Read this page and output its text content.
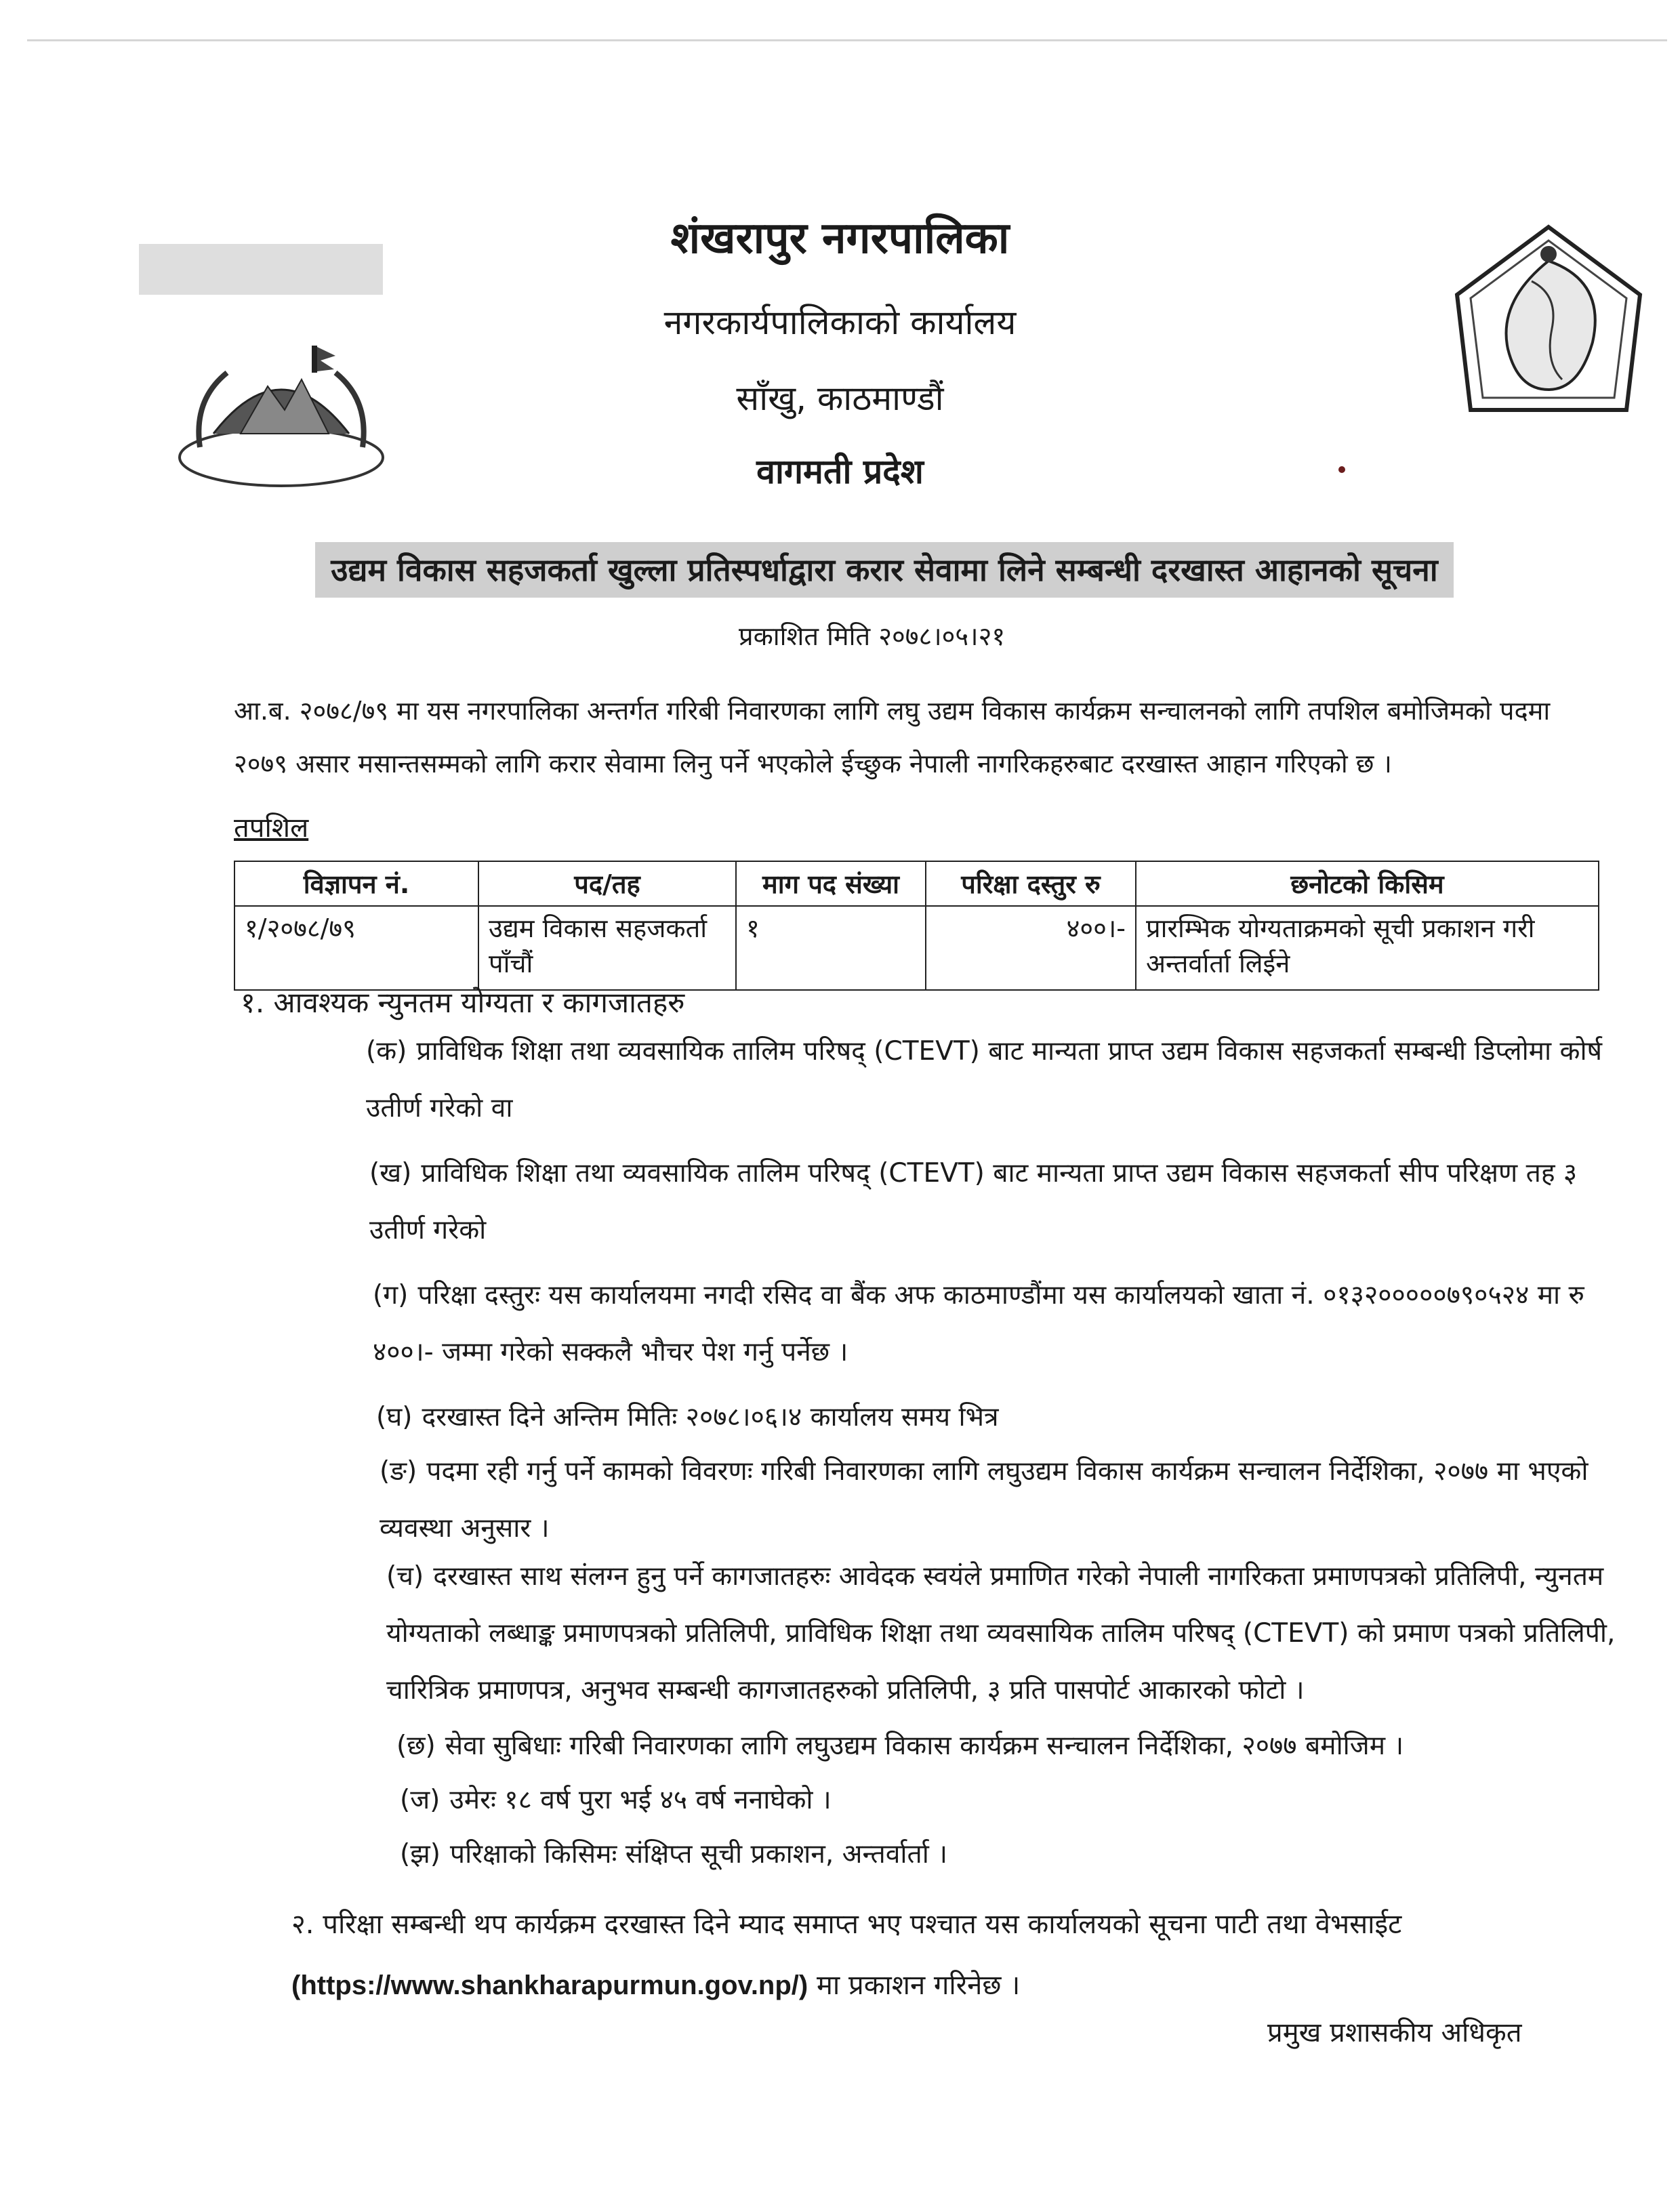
शंखरापुर नगरपालिका
नगरकार्यपालिकाको कार्यालय
साँखु, काठमाण्डौं
वागमती प्रदेश
उद्यम विकास सहजकर्ता खुल्ला प्रतिस्पर्धाद्वारा करार सेवामा लिने सम्बन्धी दरखास्त आहानको सूचना
प्रकाशित मिति २०७८।०५।२१
आ.ब. २०७८/७९ मा यस नगरपालिका अन्तर्गत गरिबी निवारणका लागि लघु उद्यम विकास कार्यक्रम सन्चालनको लागि तपशिल बमोजिमको पदमा २०७९ असार मसान्तसम्मको लागि करार सेवामा लिनु पर्ने भएकोले ईच्छुक नेपाली नागरिकहरुबाट दरखास्त आहान गरिएको छ ।
तपशिल
विज्ञापन नं.	पद/तह	माग पद संख्या	परिक्षा दस्तुर रु	छनोटको किसिम
१/२०७८/७९	उद्यम विकास सहजकर्ता पाँचौं	१	४००।-	प्रारम्भिक योग्यताक्रमको सूची प्रकाशन गरी अन्तर्वार्ता लिईने
१. आवश्यक न्युनतम योग्यता र कागजातहरु
(क) प्राविधिक शिक्षा तथा व्यवसायिक तालिम परिषद् (CTEVT) बाट मान्यता प्राप्त उद्यम विकास सहजकर्ता सम्बन्धी डिप्लोमा कोर्ष उतीर्ण गरेको वा
(ख) प्राविधिक शिक्षा तथा व्यवसायिक तालिम परिषद् (CTEVT) बाट मान्यता प्राप्त उद्यम विकास सहजकर्ता सीप परिक्षण तह ३ उतीर्ण गरेको
(ग) परिक्षा दस्तुरः यस कार्यालयमा नगदी रसिद वा बैंक अफ काठमाण्डौंमा यस कार्यालयको खाता नं. ०१३२०००००७९०५२४ मा रु ४००।- जम्मा गरेको सक्कलै भौचर पेश गर्नु पर्नेछ ।
(घ) दरखास्त दिने अन्तिम मितिः २०७८।०६।४ कार्यालय समय भित्र
(ङ) पदमा रही गर्नु पर्ने कामको विवरणः गरिबी निवारणका लागि लघुउद्यम विकास कार्यक्रम सन्चालन निर्देशिका, २०७७ मा भएको व्यवस्था अनुसार ।
(च) दरखास्त साथ संलग्न हुनु पर्ने कागजातहरुः आवेदक स्वयंले प्रमाणित गरेको नेपाली नागरिकता प्रमाणपत्रको प्रतिलिपी, न्युनतम योग्यताको लब्धाङ्क प्रमाणपत्रको प्रतिलिपी, प्राविधिक शिक्षा तथा व्यवसायिक तालिम परिषद् (CTEVT) को प्रमाण पत्रको प्रतिलिपी, चारित्रिक प्रमाणपत्र, अनुभव सम्बन्धी कागजातहरुको प्रतिलिपी, ३ प्रति पासपोर्ट आकारको फोटो ।
(छ) सेवा सुबिधाः गरिबी निवारणका लागि लघुउद्यम विकास कार्यक्रम सन्चालन निर्देशिका, २०७७ बमोजिम ।
(ज) उमेरः १८ वर्ष पुरा भई ४५ वर्ष ननाघेको ।
(झ) परिक्षाको किसिमः संक्षिप्त सूची प्रकाशन, अन्तर्वार्ता ।
२. परिक्षा सम्बन्धी थप कार्यक्रम दरखास्त दिने म्याद समाप्त भए पश्चात यस कार्यालयको सूचना पाटी तथा वेभसाईट (https://www.shankharapurmun.gov.np/) मा प्रकाशन गरिनेछ ।
प्रमुख प्रशासकीय अधिकृत
